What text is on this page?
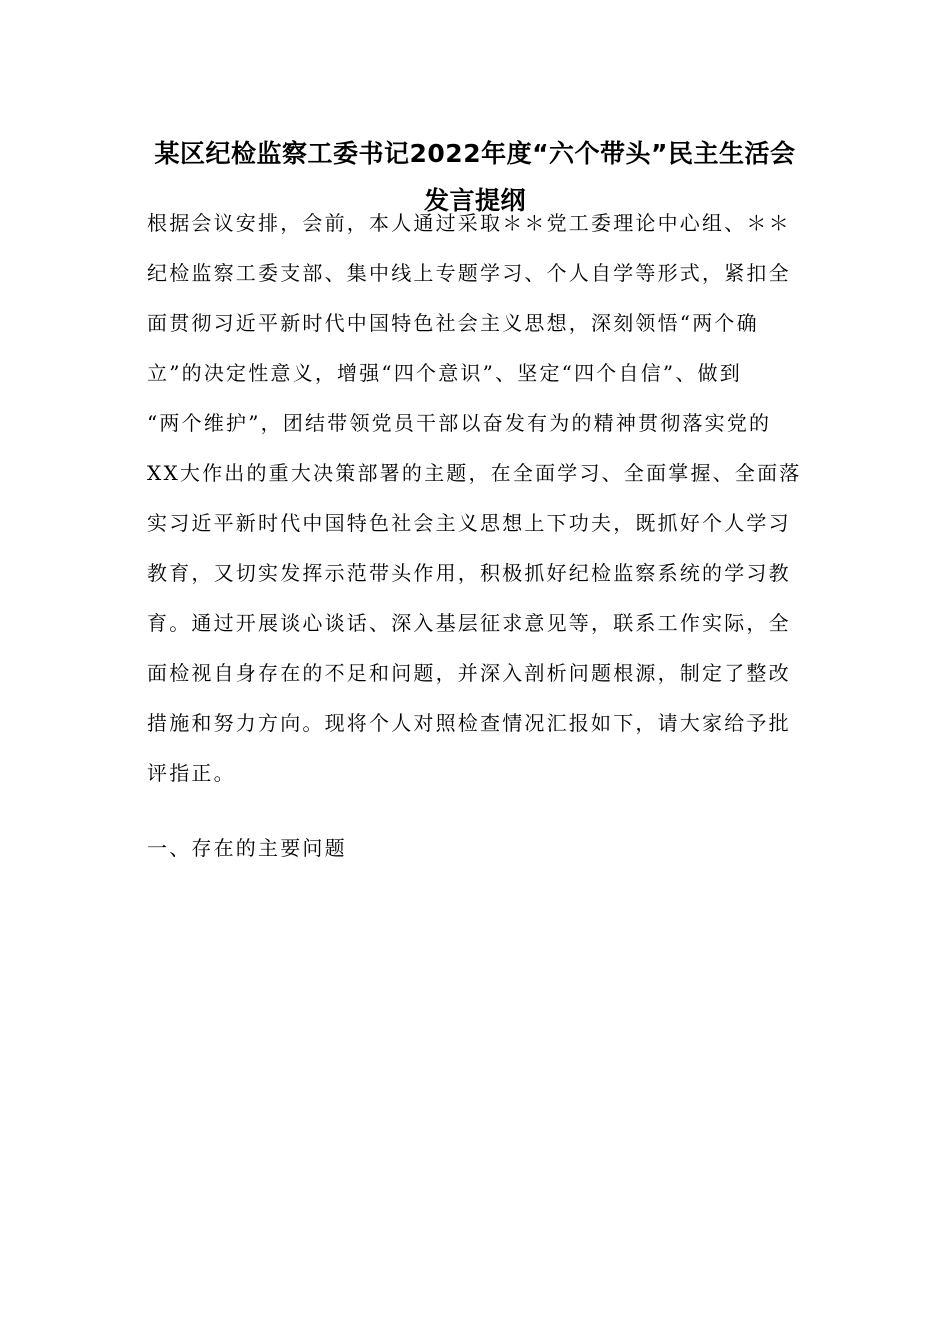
某区纪检监察工委书记2022年度“六个带头”民主生活会
发言提纲
根据会议安排，会前，本人通过采取＊＊党工委理论中心组、＊＊
纪检监察工委支部、集中线上专题学习、个人自学等形式，紧扣全
面贯彻习近平新时代中国特色社会主义思想，深刻领悟“两个确
立”的决定性意义，增强“四个意识”、坚定“四个自信”、做到
“两个维护”，团结带领党员干部以奋发有为的精神贯彻落实党的
XX大作出的重大决策部署的主题，在全面学习、全面掌握、全面落
实习近平新时代中国特色社会主义思想上下功夫，既抓好个人学习
教育，又切实发挥示范带头作用，积极抓好纪检监察系统的学习教
育。通过开展谈心谈话、深入基层征求意见等，联系工作实际，全
面检视自身存在的不足和问题，并深入剖析问题根源，制定了整改
措施和努力方向。现将个人对照检查情况汇报如下，请大家给予批
评指正。
一、存在的主要问题
